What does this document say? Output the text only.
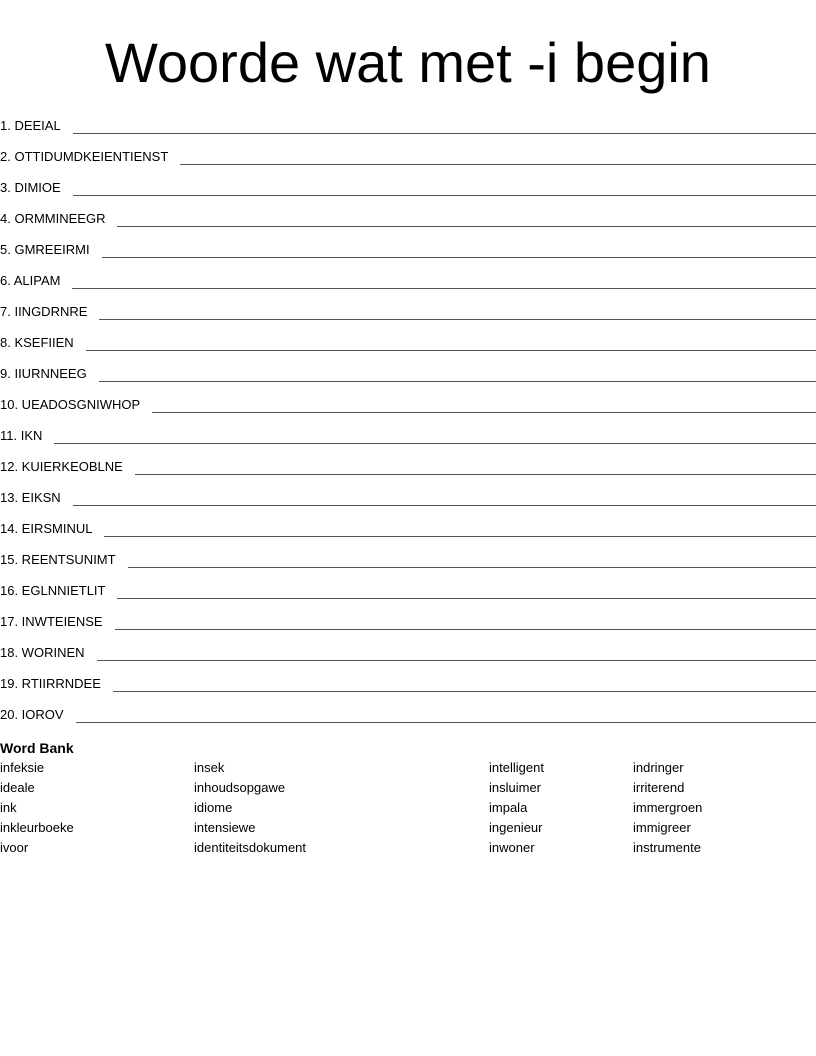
Woorde wat met -i begin
1. DEEIAL
2. OTTIDUMDKEIENTIENST
3. DIMIOE
4. ORMMINEEGR
5. GMREEIRMI
6. ALIPAM
7. IINGDRNRE
8. KSEFIIEN
9. IIURNNEEG
10. UEADOSGNIWHOP
11. IKN
12. KUIERKEOBLNE
13. EIKSN
14. EIRSMINUL
15. REENTSUNIMT
16. EGLNNIETLIT
17. INWTEIENSE
18. WORINEN
19. RTIIRRNDEE
20. IOROV
Word Bank
infeksie
ideale
ink
inkleurboeke
ivoor
insek
inhoudsopgawe
idiome
intensiewe
identiteitsdokument
intelligent
insluimer
impala
ingenieur
inwoner
indringer
irriterend
immergroen
immigreer
instrumente
